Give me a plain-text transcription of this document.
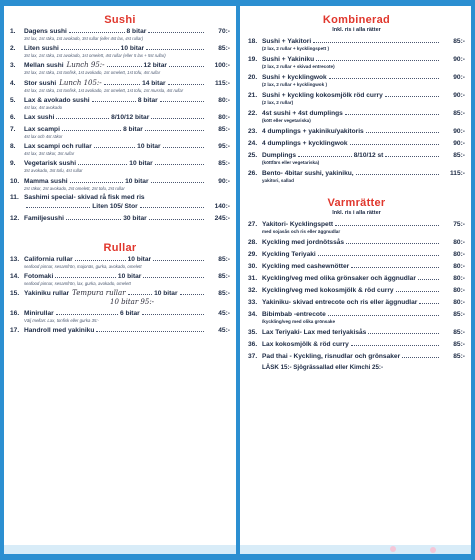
Sushi
1.	Dagens sushi	8 bitar	70:-
3st lax, 1st räka, 1st avokado, 3st rullar (eller 4st lax, 4st rullar)
2.	Liten sushi	10 bitar	85:-
3st lax, 1st räka, 1st avokado, 1st omelett, 4st rullar (eller 5 lax + 5st rullar)
3.	Mellan sushi Lunch 95:-	12 bitar	100:-
3st lax, 1st räka, 1st tonfisk, 1st avokado, 1st omelett, 1st tofu, 4st rullar
4.	Stor sushi Lunch 105:-	14 bitar	115:-
4st lax, 1st räka, 1st tonfisk, 1st avokado, 1st omelett, 1st tofu, 1st mussla, 4st rullar
5.	Lax & avokado sushi	8 bitar	80:-
4st lax, 4st avokado
6.	Lax sushi	8/10/12 bitar	80:-
7.	Lax scampi	8 bitar	85:-
4st lax och 4st räkor
8.	Lax scampi och rullar	10 bitar	95:-
4st lax, 3st räkor, 3st rullar
9.	Vegetarisk sushi	10 bitar	85:-
3st avokado, 3st tofu, 4st rullar
10. Mamma sushi	10 bitar	90:-
2st räkor, 2st avokado, 2st omelett, 2st tofu, 2st rullar
11. Sashimi special- skivad rå fisk med ris
Liten 105/ Stor	140:-
12. Familjesushi	30 bitar	245:-
Rullar
13. California rullar	10 bitar	85:-
seafood pinnar, sesamfrön, majonäs, gurka, avokado, omelett
14. Fotomaki	10 bitar	85:-
seafood pinnar, sesamfrön, lax, gurka, avokado, omelett
15. Yakiniku rullar Tempura rullar	10 bitar	85:-
10 bitar 95:-
16. Minirullar	6 bitar	45:-
Välj mellan: Lax, tonfisk eller gurka 35:-
17. Handroll med yakiniku	45:-
Kombinerad
Inkl. ris i alla rätter
18. Sushi + Yakitori	85:-
(2 lax, 2 rullar + kycklingspett )
19. Sushi + Yakiniku	90:-
(2 lax, 2 rullar + skivad entrecote)
20. Sushi + kycklingwok	90:-
(2 lax, 2 rullar + kycklingwok )
21. Sushi + kyckling kokosmjölk röd curry	90:-
(2 lax, 2 rullar)
22. 4st sushi + 4st dumplings	85:-
(kött eller vegetariska)
23. 4 dumplings + yakiniku/yakitoris	90:-
24. 4 dumplings + kycklingwok	90:-
25. Dumplings	8/10/12 st	85:-
(köttfärs eller vegetariska)
26. Bento- 4bitar sushi, yakiniku,	115:-
yakitori, sallad
Varmrätter
Inkl. ris i alla rätter
27. Yakitori- Kycklingspett	75:-
med sojasås och ris eller äggnudlar
28. Kyckling med jordnötssås	80:-
29. Kyckling Teriyaki	80:-
30. Kyckling med cashewnötter	80:-
31. Kyckling/veg med olika grönsaker och äggnudlar	80:-
32. Kyckling/veg med kokosmjölk & röd curry	80:-
33. Yakiniku- skivad entrecote och ris eller äggnudlar	80:-
34. Bibimbab -entrecote	85:-
/kyckling/veg med olika grönsake
35. Lax Teriyaki- Lax med teriyakisås	85:-
36. Lax kokosmjölk & röd curry	85:-
37. Pad thai - Kyckling, risnudlar och grönsaker	85:-
LÄSK 15:- Sjögrässallad eller Kimchi 25:-
